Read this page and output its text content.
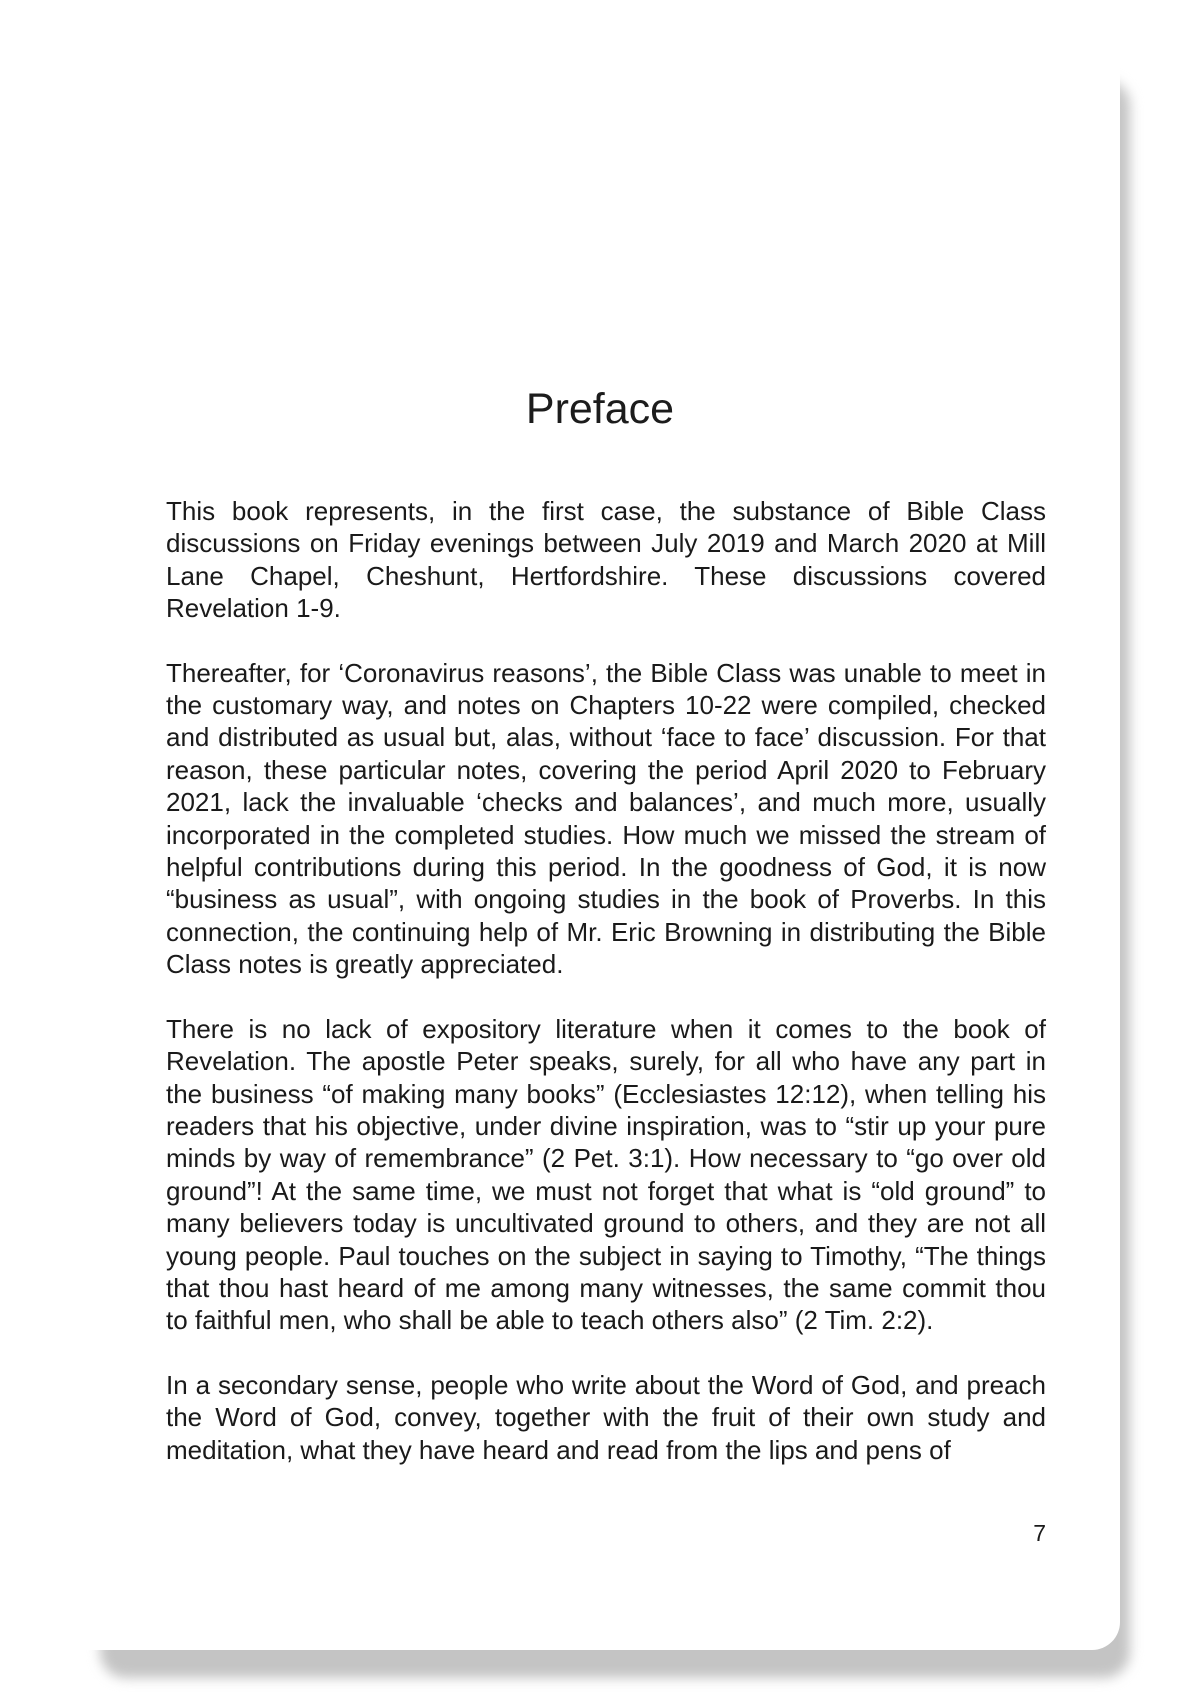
Preface

This book represents, in the first case, the substance of Bible Class discussions on Friday evenings between July 2019 and March 2020 at Mill Lane Chapel, Cheshunt, Hertfordshire. These discussions covered Revelation 1-9.

Thereafter, for ‘Coronavirus reasons’, the Bible Class was unable to meet in the customary way, and notes on Chapters 10-22 were compiled, checked and distributed as usual but, alas, without ‘face to face’ discussion. For that reason, these particular notes, covering the period April 2020 to February 2021, lack the invaluable ‘checks and balances’, and much more, usually incorporated in the completed studies. How much we missed the stream of helpful contributions during this period. In the goodness of God, it is now “business as usual”, with ongoing studies in the book of Proverbs. In this connection, the continuing help of Mr. Eric Browning in distributing the Bible Class notes is greatly appreciated.

There is no lack of expository literature when it comes to the book of Revelation. The apostle Peter speaks, surely, for all who have any part in the business “of making many books” (Ecclesiastes 12:12), when telling his readers that his objective, under divine inspiration, was to “stir up your pure minds by way of remembrance” (2 Pet. 3:1). How necessary to “go over old ground”! At the same time, we must not forget that what is “old ground” to many believers today is uncultivated ground to others, and they are not all young people. Paul touches on the subject in saying to Timothy, “The things that thou hast heard of me among many witnesses, the same commit thou to faithful men, who shall be able to teach others also” (2 Tim. 2:2).

In a secondary sense, people who write about the Word of God, and preach the Word of God, convey, together with the fruit of their own study and meditation, what they have heard and read from the lips and pens of

7
